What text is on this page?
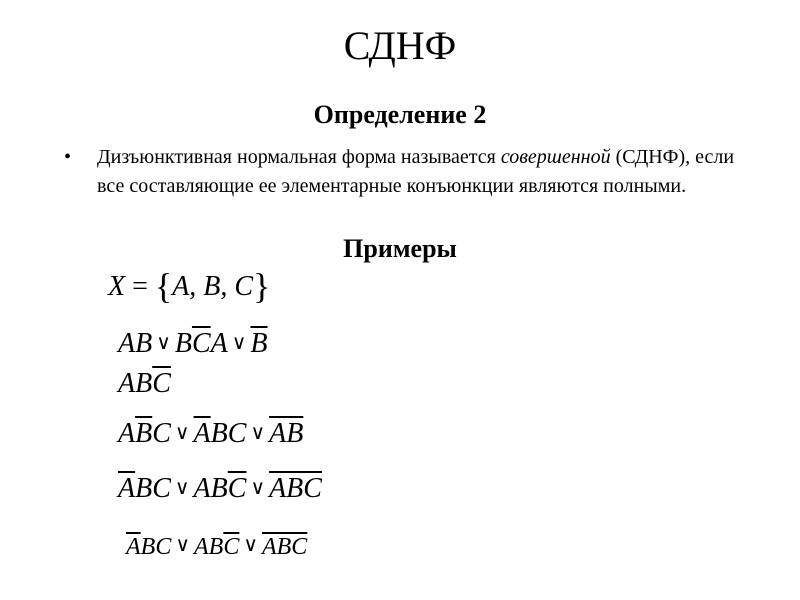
СДНФ
Определение 2
• Дизъюнктивная нормальная форма называется совершенной (СДНФ), если все составляющие ее элементарные конъюнкции являются полными.
Примеры
X = {A, B, C}
AB ∨ $B\overline{C}A$ ∨ $\overline{B}$
$AB\overline{C}$
$A\overline{B}C$ ∨ $\overline{A}BC$ ∨ $\overline{AB}$
$\overline{A}BC$ ∨ $AB\overline{C}$ ∨ $\overline{ABC}$
$\overline{A}BC$ ∨ $AB\overline{C}$ ∨ $\overline{ABC}$
